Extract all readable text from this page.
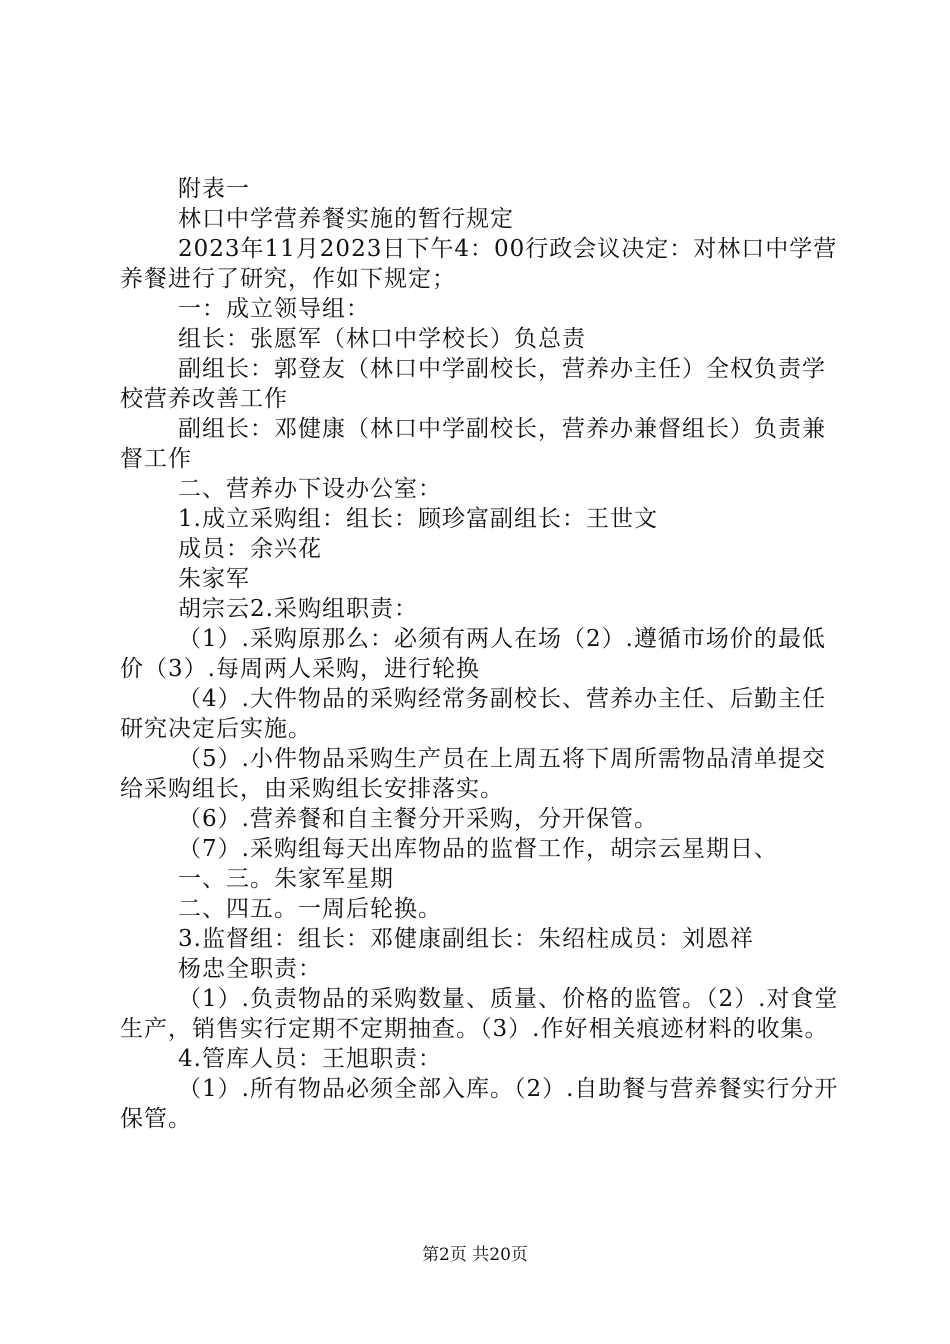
附表一

林口中学营养餐实施的暂行规定

2023年11月2023日下午4：00行政会议决定：对林口中学营养餐进行了研究，作如下规定；

一：成立领导组：

组长：张愿军（林口中学校长）负总责

副组长：郭登友（林口中学副校长，营养办主任）全权负责学校营养改善工作

副组长：邓健康（林口中学副校长，营养办兼督组长）负责兼督工作

二、营养办下设办公室：

1.成立采购组：组长：顾珍富副组长：王世文

成员：余兴花

朱家军

胡宗云2.采购组职责：

（1）.采购原那么：必须有两人在场（2）.遵循市场价的最低价（3）.每周两人采购，进行轮换

（4）.大件物品的采购经常务副校长、营养办主任、后勤主任研究决定后实施。

（5）.小件物品采购生产员在上周五将下周所需物品清单提交给采购组长，由采购组长安排落实。

（6）.营养餐和自主餐分开采购，分开保管。

（7）.采购组每天出库物品的监督工作，胡宗云星期日、

一、三。朱家军星期

二、四五。一周后轮换。

3.监督组：组长：邓健康副组长：朱绍柱成员：刘恩祥

杨忠全职责：

（1）.负责物品的采购数量、质量、价格的监管。（2）.对食堂生产，销售实行定期不定期抽查。（3）.作好相关痕迹材料的收集。

4.管库人员：王旭职责：

（1）.所有物品必须全部入库。（2）.自助餐与营养餐实行分开保管。

第2页 共20页
